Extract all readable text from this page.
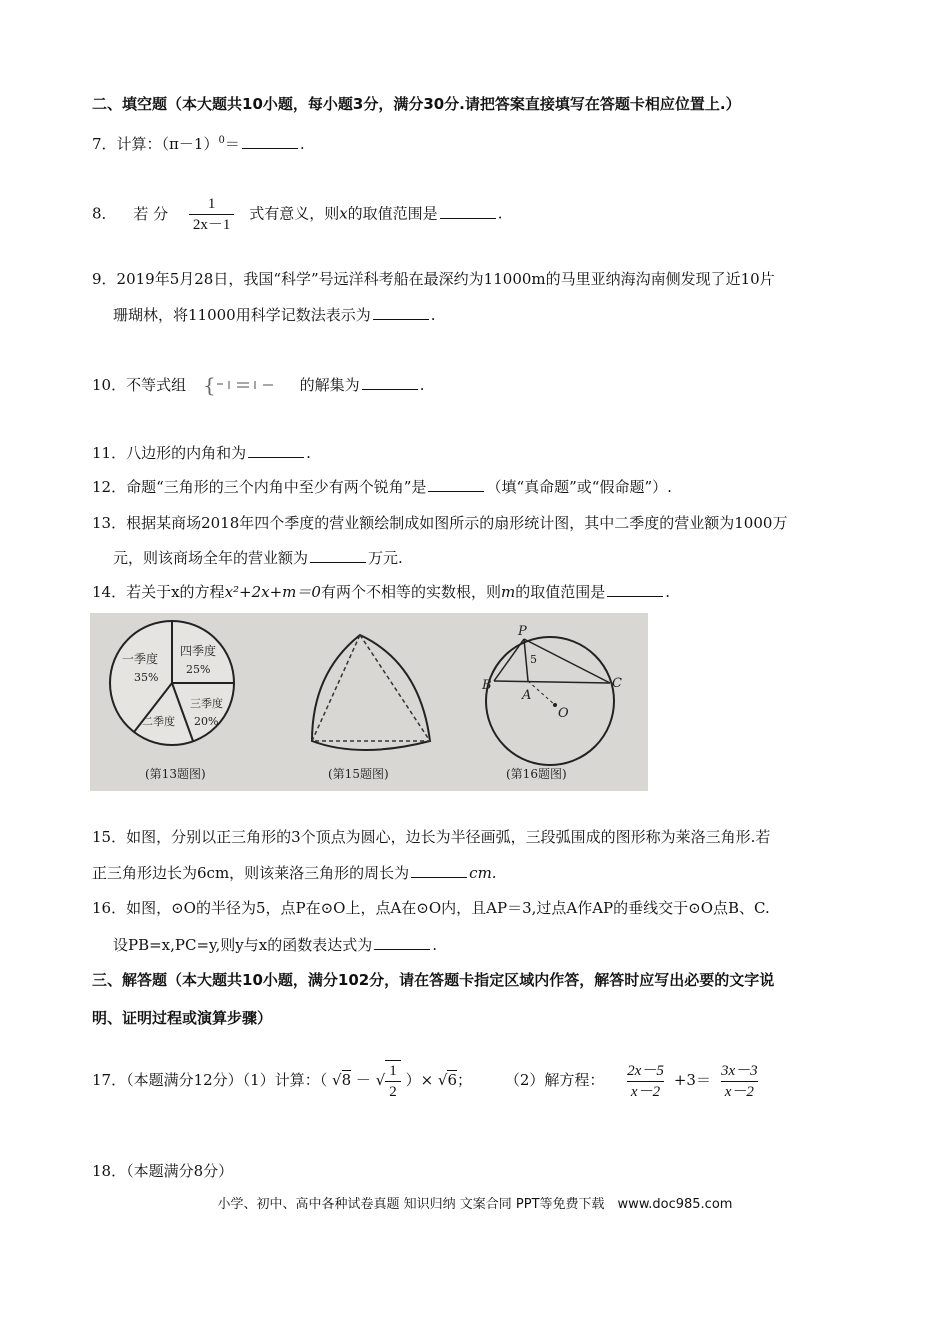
二、填空题（本大题共10小题，每小题3分，满分30分.请把答案直接填写在答题卡相应位置上.）
7．计算：$(\pi-1)^0=$	.
8． 若 分 $\frac{1}{2x-1}$ 式有意义，则x的取值范围是	.
9．2019年5月28日，我国“科学”号远洋科考船在最深约为11000m的马里亚纳海沟南侧发现了近10片
珊瑚林，将11000用科学记数法表示为	.
10．不等式组 {	的解集为	.
11．八边形的内角和为	.
12．命题“三角形的三个内角中至少有两个锐角”是	（填“真命题”或“假命题”）.
13．根据某商场2018年四个季度的营业额绘制成如图所示的扇形统计图，其中二季度的营业额为1000万
元，则该商场全年的营业额为	万元.
14．若关于x的方程x²+2x+m＝0有两个不相等的实数根，则m的取值范围是	.
一季度
35%
四季度
25%
三季度
20%
二季度
(第13题图)	(第15题图)
P
B
A
C
O
5
(第16题图)
15．如图，分别以正三角形的3个顶点为圆心，边长为半径画弧，三段弧围成的图形称为莱洛三角形.若
正三角形边长为6cm，则该莱洛三角形的周长为	cm.
16．如图，⊙O的半径为5，点P在⊙O上，点A在⊙O内，且AP＝3,过点A作AP的垂线交于⊙O点B、C.
设PB=x,PC=y,则y与x的函数表达式为	.
三、解答题（本大题共10小题，满分102分，请在答题卡指定区域内作答，解答时应写出必要的文字说
明、证明过程或演算步骤）
17．（本题满分12分）（1）计算：（ √8 － √ $\frac{1}{2}$ ）× √6； （2）解方程： $\frac{2x-5}{x-2} +3= \frac{3x-3}{x-2}$
18．（本题满分8分）
小学、初中、高中各种试卷真题 知识归纳 文案合同 PPT等免费下载　www.doc985.com
